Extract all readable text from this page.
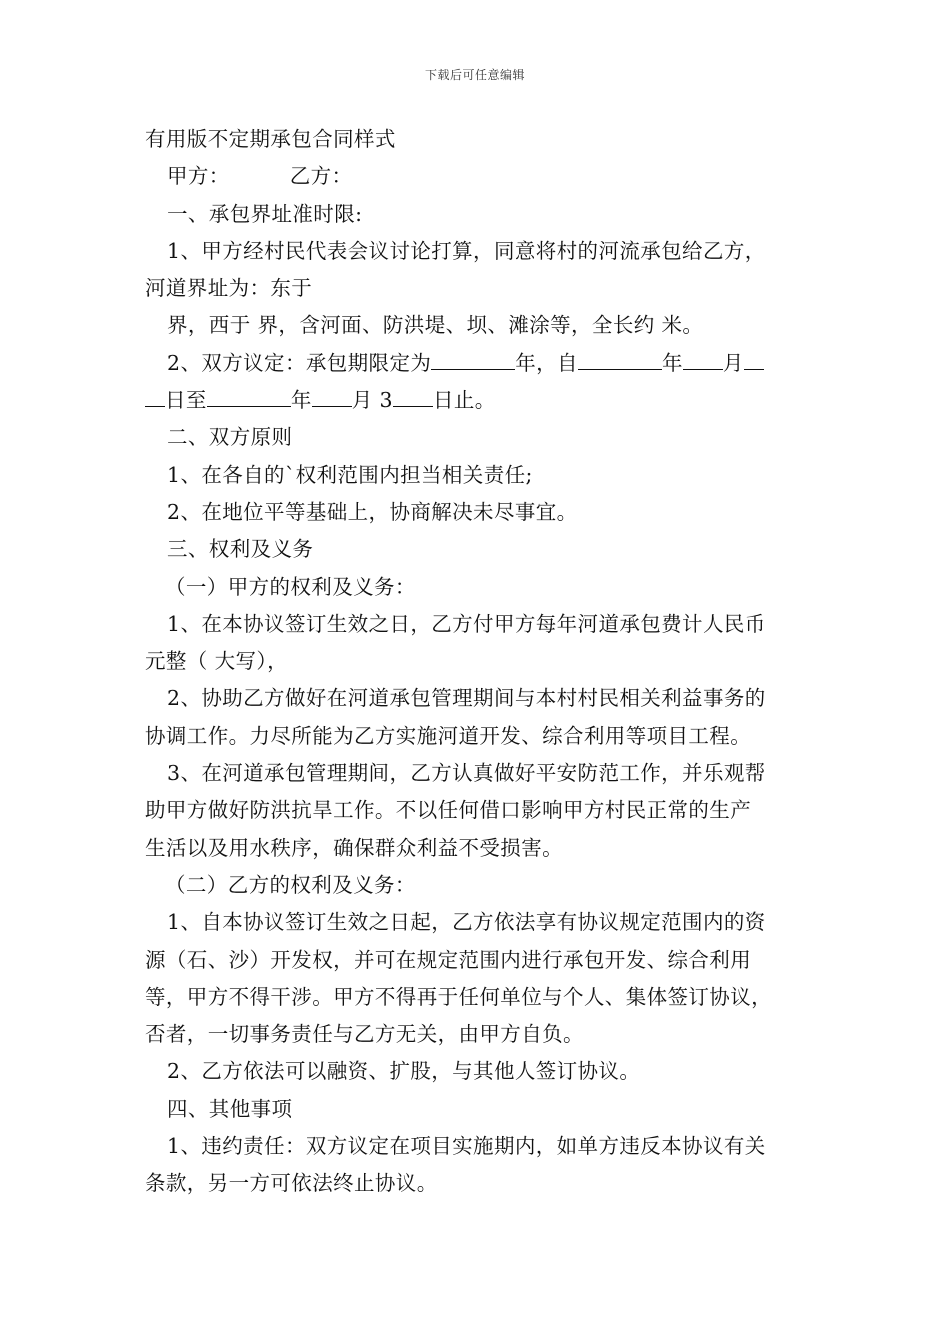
下载后可任意编辑
有用版不定期承包合同样式
甲方：	乙方：
一、承包界址准时限:
1、甲方经村民代表会议讨论打算，同意将村的河流承包给乙方，
河道界址为：东于
界，西于 界，含河面、防洪堤、坝、滩涂等，全长约 米。
2、双方议定：承包期限定为	年，自	年 月
日至	年 月 3 日止。
二、双方原则
1、在各自的`权利范围内担当相关责任;
2、在地位平等基础上，协商解决未尽事宜。
三、权利及义务
（一）甲方的权利及义务：
1、在本协议签订生效之日，乙方付甲方每年河道承包费计人民币
元整（ 大写），
2、协助乙方做好在河道承包管理期间与本村村民相关利益事务的
协调工作。力尽所能为乙方实施河道开发、综合利用等项目工程。
3、在河道承包管理期间，乙方认真做好平安防范工作，并乐观帮
助甲方做好防洪抗旱工作。不以任何借口影响甲方村民正常的生产
生活以及用水秩序，确保群众利益不受损害。
（二）乙方的权利及义务：
1、自本协议签订生效之日起，乙方依法享有协议规定范围内的资
源（石、沙）开发权，并可在规定范围内进行承包开发、综合利用
等，甲方不得干涉。甲方不得再于任何单位与个人、集体签订协议，
否者，一切事务责任与乙方无关，由甲方自负。
2、乙方依法可以融资、扩股，与其他人签订协议。
四、其他事项
1、违约责任：双方议定在项目实施期内，如单方违反本协议有关
条款，另一方可依法终止协议。
